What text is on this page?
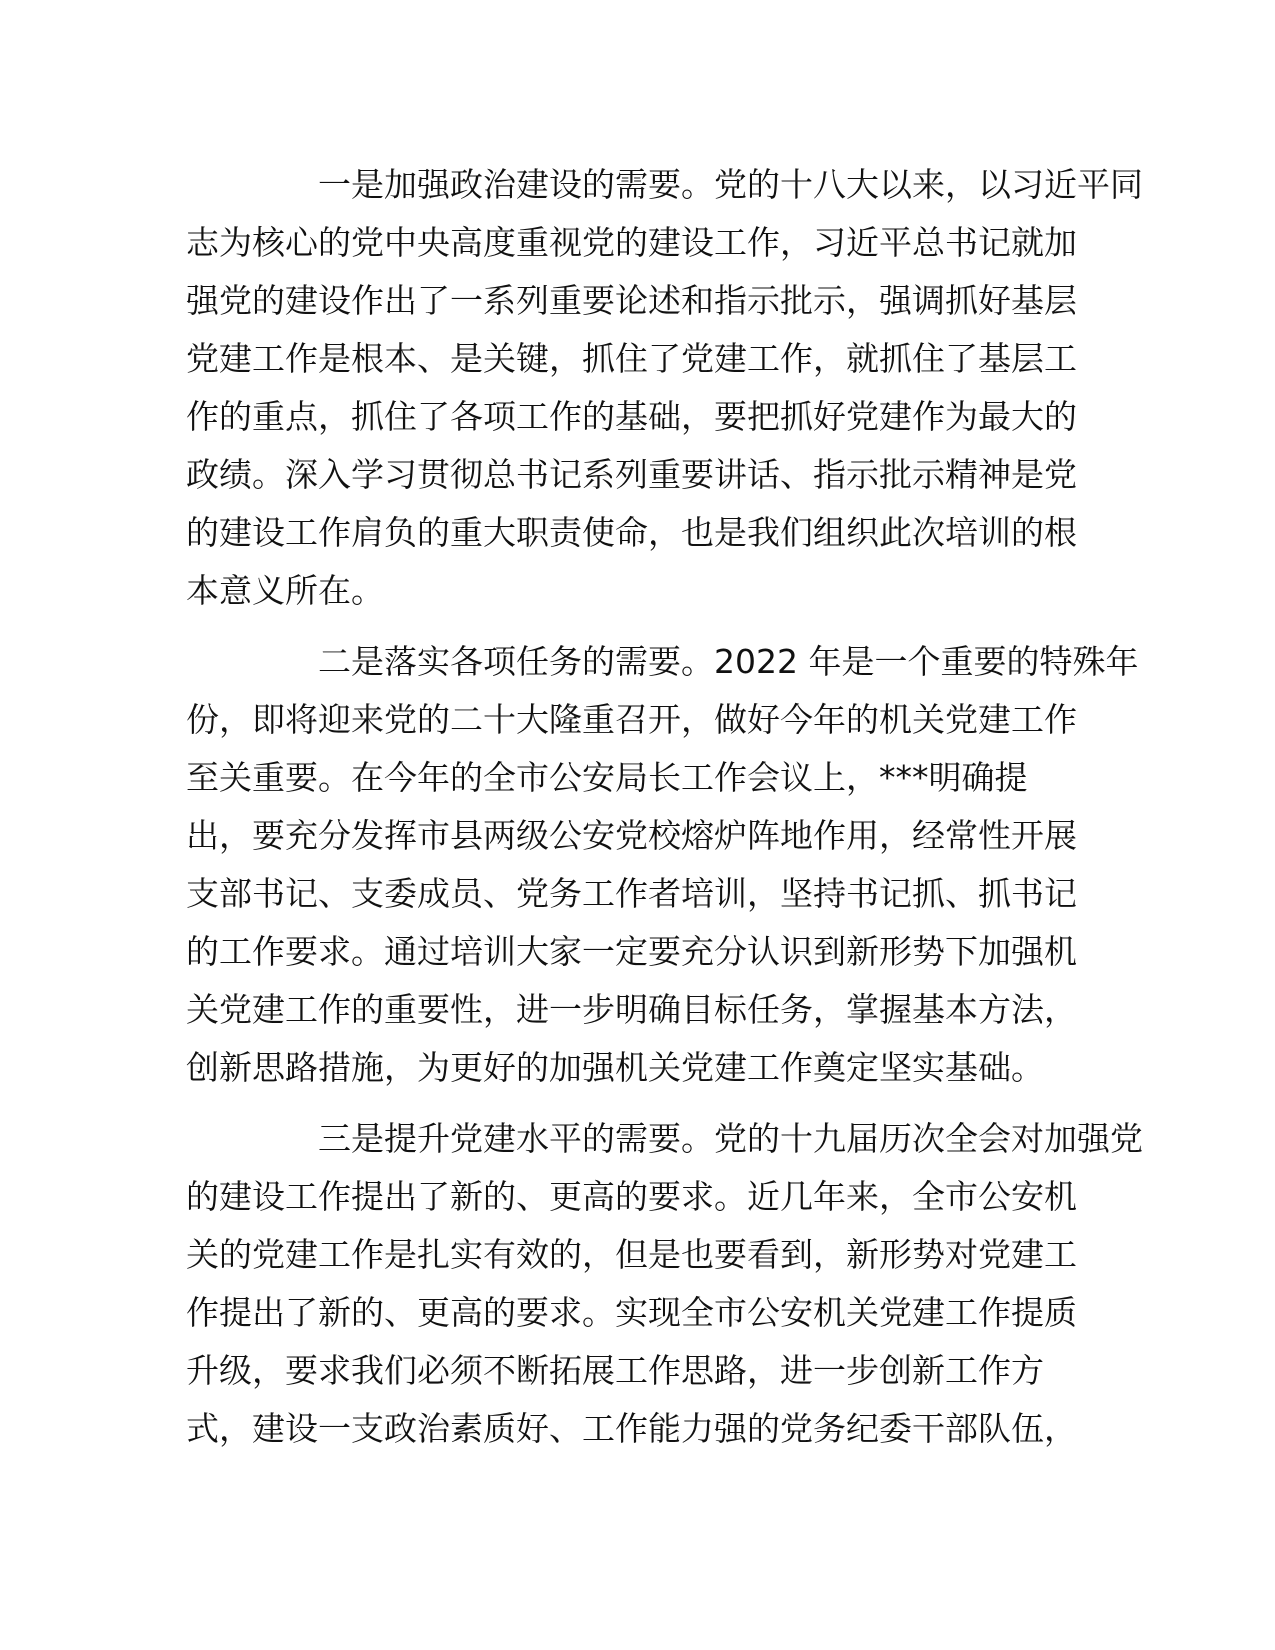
一是加强政治建设的需要。党的十八大以来，以习近平同
志为核心的党中央高度重视党的建设工作，习近平总书记就加
强党的建设作出了一系列重要论述和指示批示，强调抓好基层
党建工作是根本、是关键，抓住了党建工作，就抓住了基层工
作的重点，抓住了各项工作的基础，要把抓好党建作为最大的
政绩。深入学习贯彻总书记系列重要讲话、指示批示精神是党
的建设工作肩负的重大职责使命，也是我们组织此次培训的根
本意义所在。

二是落实各项任务的需要。2022 年是一个重要的特殊年
份，即将迎来党的二十大隆重召开，做好今年的机关党建工作
至关重要。在今年的全市公安局长工作会议上，***明确提
出，要充分发挥市县两级公安党校熔炉阵地作用，经常性开展
支部书记、支委成员、党务工作者培训，坚持书记抓、抓书记
的工作要求。通过培训大家一定要充分认识到新形势下加强机
关党建工作的重要性，进一步明确目标任务，掌握基本方法，
创新思路措施，为更好的加强机关党建工作奠定坚实基础。

三是提升党建水平的需要。党的十九届历次全会对加强党
的建设工作提出了新的、更高的要求。近几年来，全市公安机
关的党建工作是扎实有效的，但是也要看到，新形势对党建工
作提出了新的、更高的要求。实现全市公安机关党建工作提质
升级，要求我们必须不断拓展工作思路，进一步创新工作方
式，建设一支政治素质好、工作能力强的党务纪委干部队伍，
